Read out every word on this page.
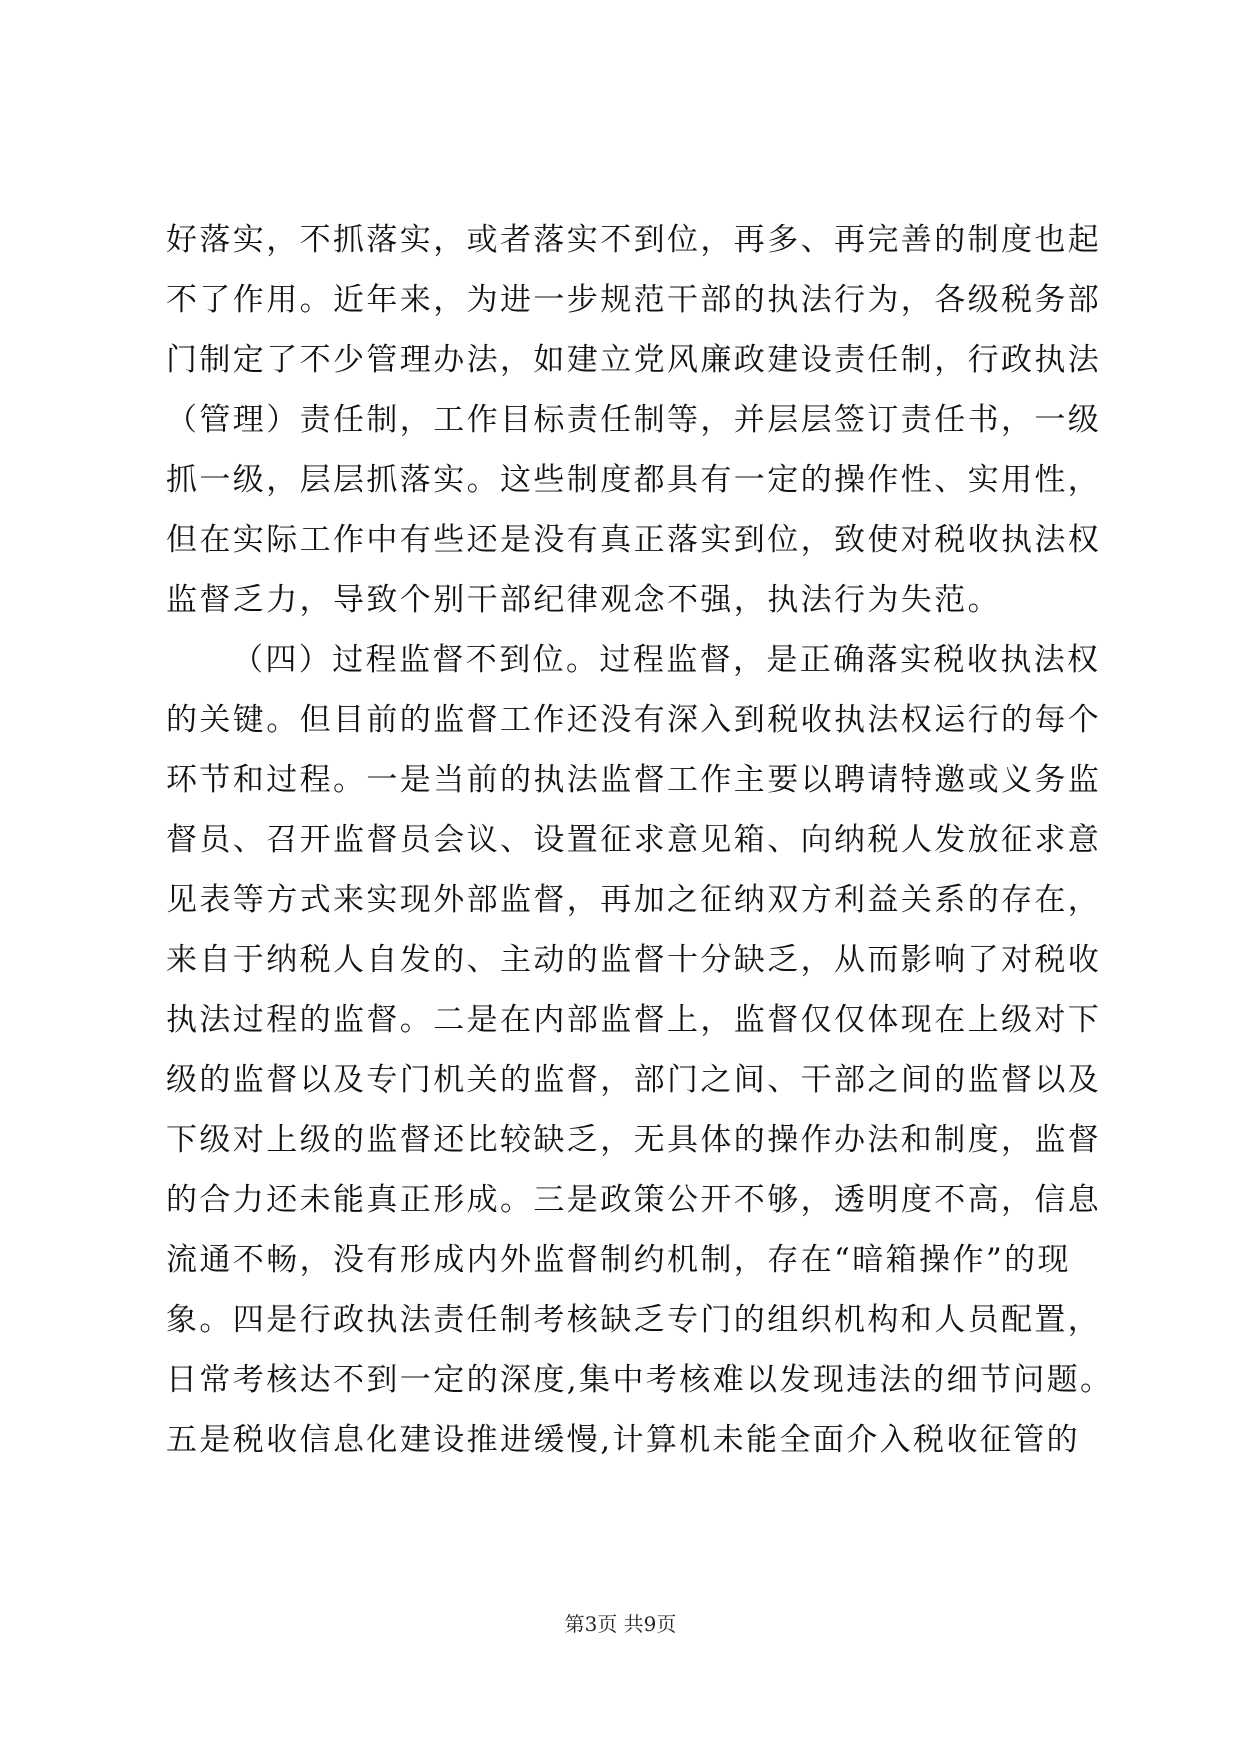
好落实，不抓落实，或者落实不到位，再多、再完善的制度也起
不了作用。近年来，为进一步规范干部的执法行为，各级税务部
门制定了不少管理办法，如建立党风廉政建设责任制，行政执法
（管理）责任制，工作目标责任制等，并层层签订责任书，一级
抓一级，层层抓落实。这些制度都具有一定的操作性、实用性，
但在实际工作中有些还是没有真正落实到位，致使对税收执法权
监督乏力，导致个别干部纪律观念不强，执法行为失范。
（四）过程监督不到位。过程监督，是正确落实税收执法权
的关键。但目前的监督工作还没有深入到税收执法权运行的每个
环节和过程。一是当前的执法监督工作主要以聘请特邀或义务监
督员、召开监督员会议、设置征求意见箱、向纳税人发放征求意
见表等方式来实现外部监督，再加之征纳双方利益关系的存在，
来自于纳税人自发的、主动的监督十分缺乏，从而影响了对税收
执法过程的监督。二是在内部监督上，监督仅仅体现在上级对下
级的监督以及专门机关的监督，部门之间、干部之间的监督以及
下级对上级的监督还比较缺乏，无具体的操作办法和制度，监督
的合力还未能真正形成。三是政策公开不够，透明度不高，信息
流通不畅，没有形成内外监督制约机制，存在“暗箱操作”的现
象。四是行政执法责任制考核缺乏专门的组织机构和人员配置，
日常考核达不到一定的深度,集中考核难以发现违法的细节问题。
五是税收信息化建设推进缓慢,计算机未能全面介入税收征管的
第3页 共9页
